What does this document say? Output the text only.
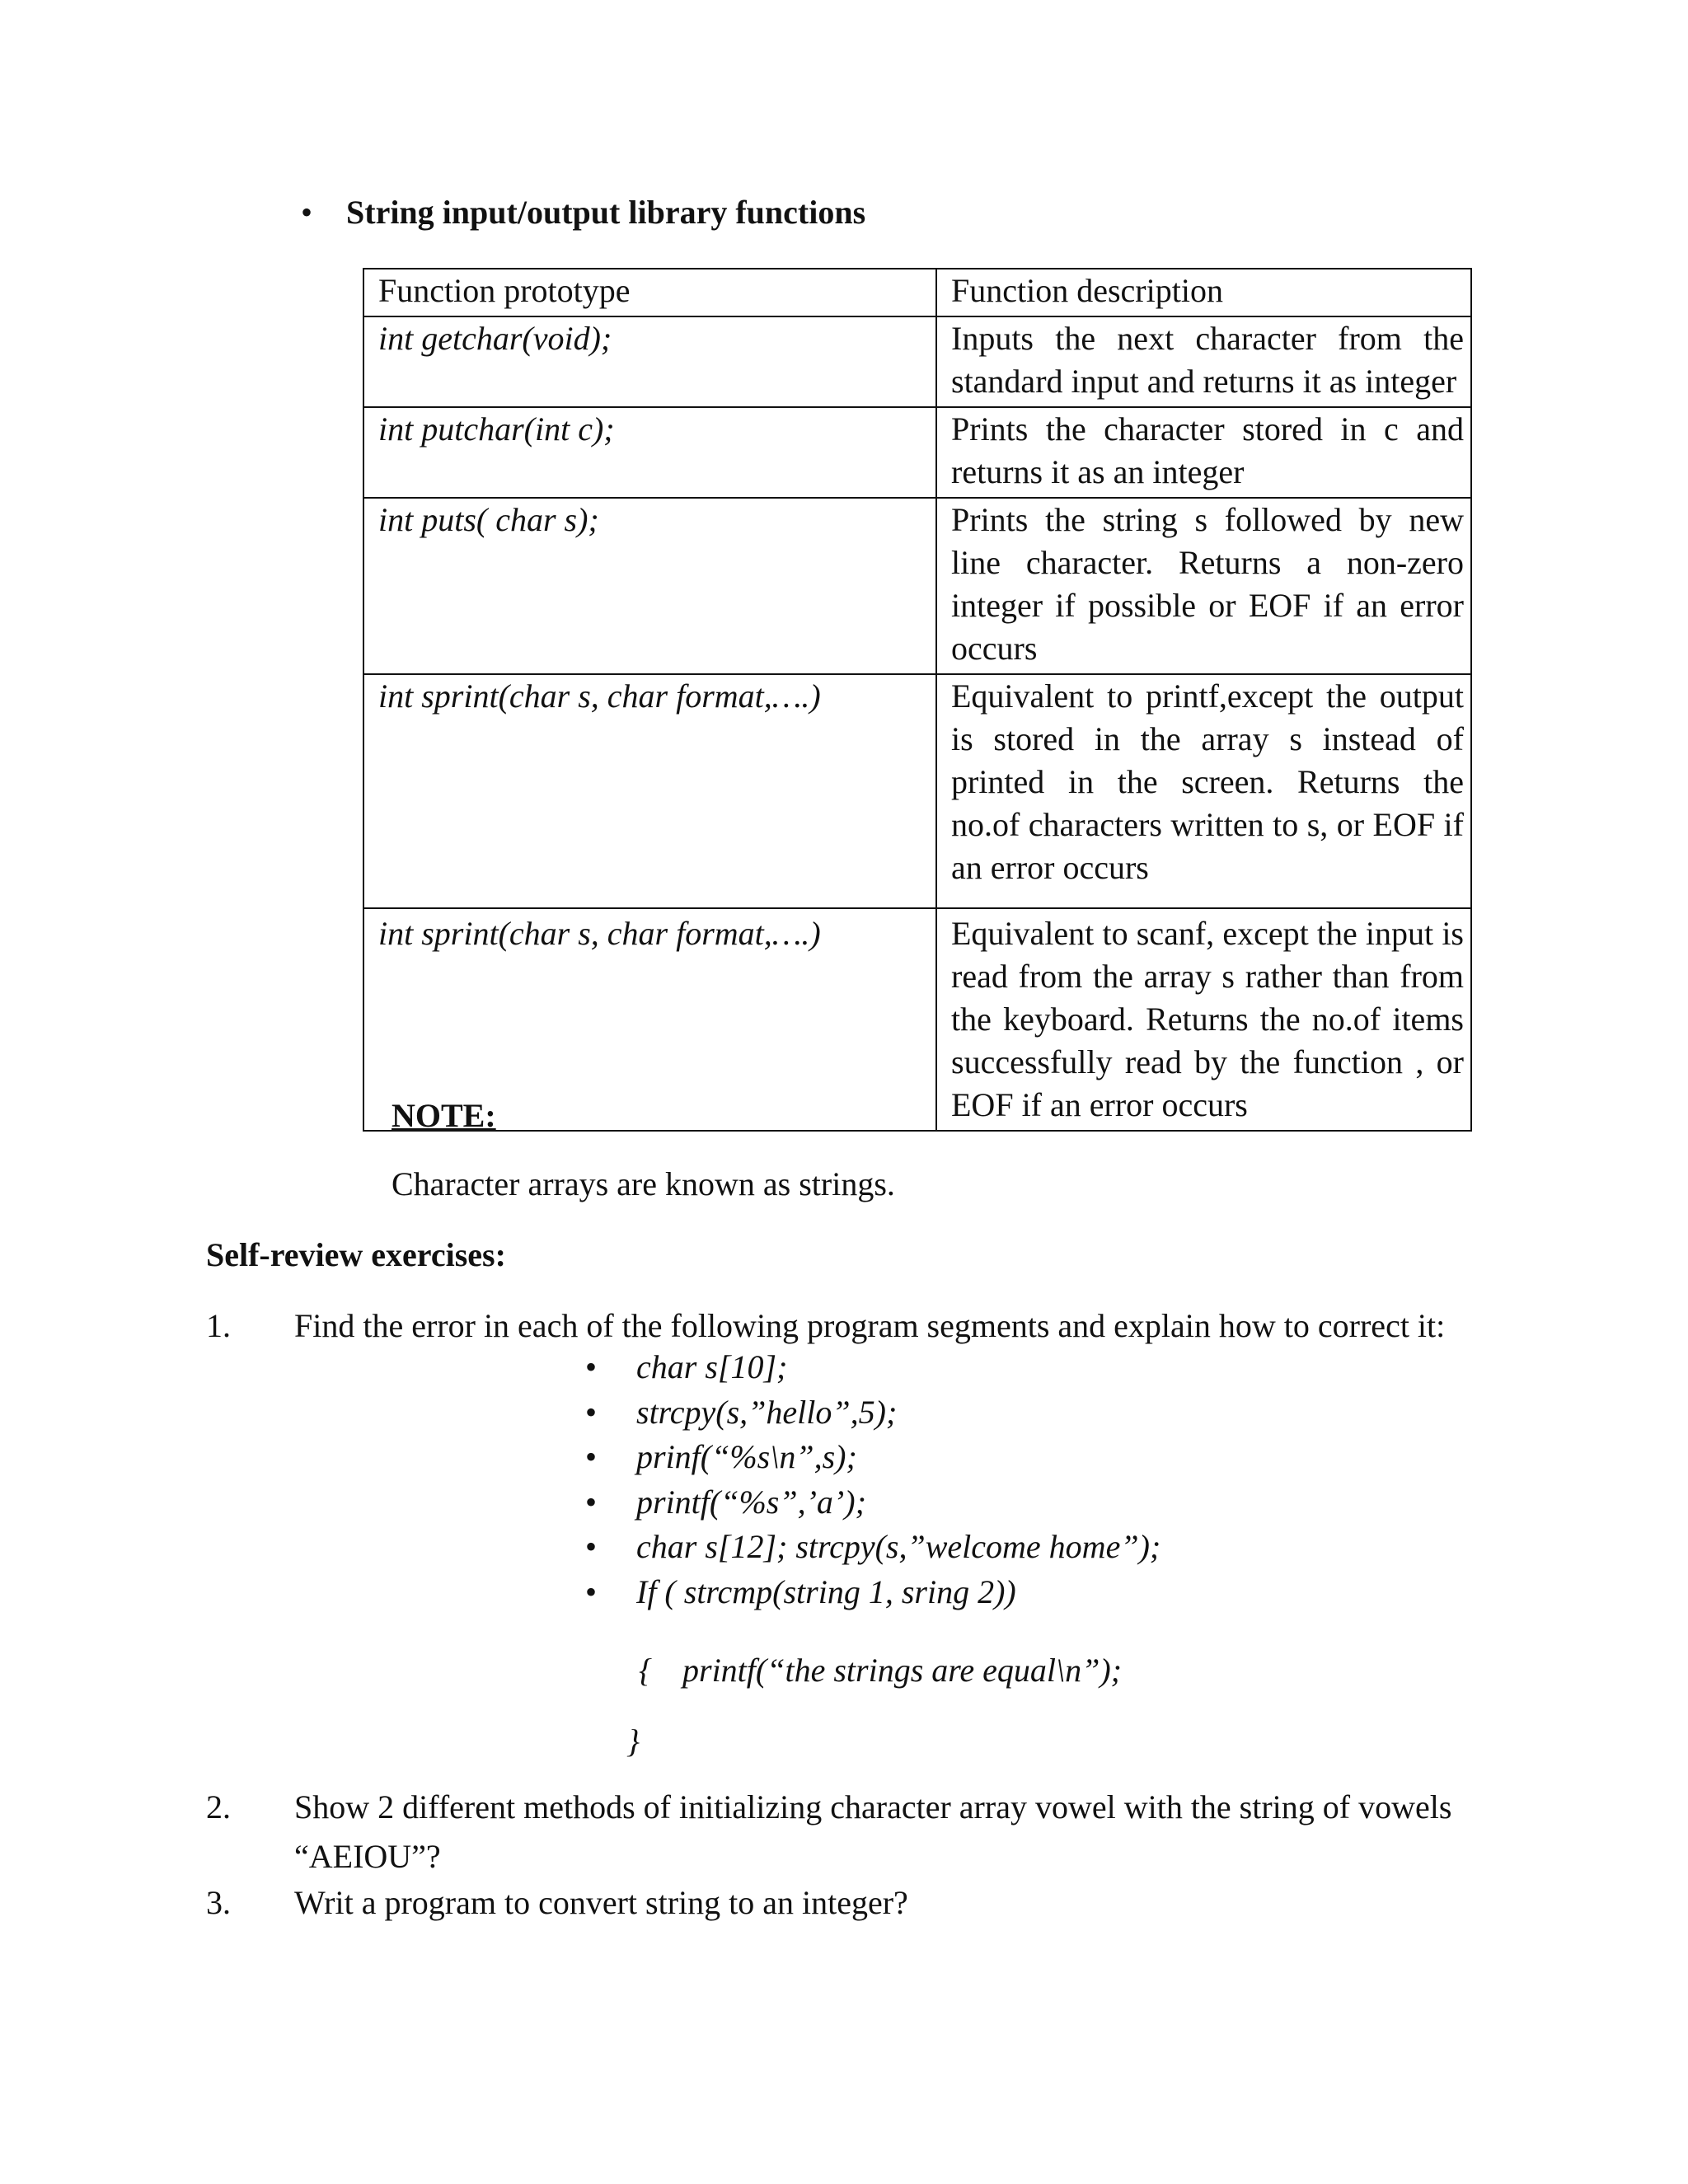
• String input/output library functions
Function prototype	Function description
int getchar(void);	Inputs the next character from the standard input and returns it as integer
int putchar(int c);	Prints the character stored in c and returns it as an integer
int puts( char s);	Prints the string s followed by new line character. Returns a non-zero integer if possible or EOF if an error occurs
int sprint(char s, char format,….)	Equivalent to printf,except the output is stored in the array s instead of printed in the screen. Returns the no.of characters written to s, or EOF if an error occurs
int sprint(char s, char format,….)	Equivalent to scanf, except the input is read from the array s rather than from the keyboard. Returns the no.of items successfully read by the function , or EOF if an error occurs
NOTE:
Character arrays are known as strings.
Self-review exercises:
1. Find the error in each of the following program segments and explain how to correct it:
• char s[10];
• strcpy(s,”hello”,5);
• prinf(“%s\n”,s);
• printf(“%s”,’a’);
• char s[12]; strcpy(s,”welcome home”);
• If ( strcmp(string 1, sring 2))
{ printf(“the strings are equal\n”);
}
2. Show 2 different methods of initializing character array vowel with the string of vowels
“AEIOU”?
3. Writ a program to convert string to an integer?
